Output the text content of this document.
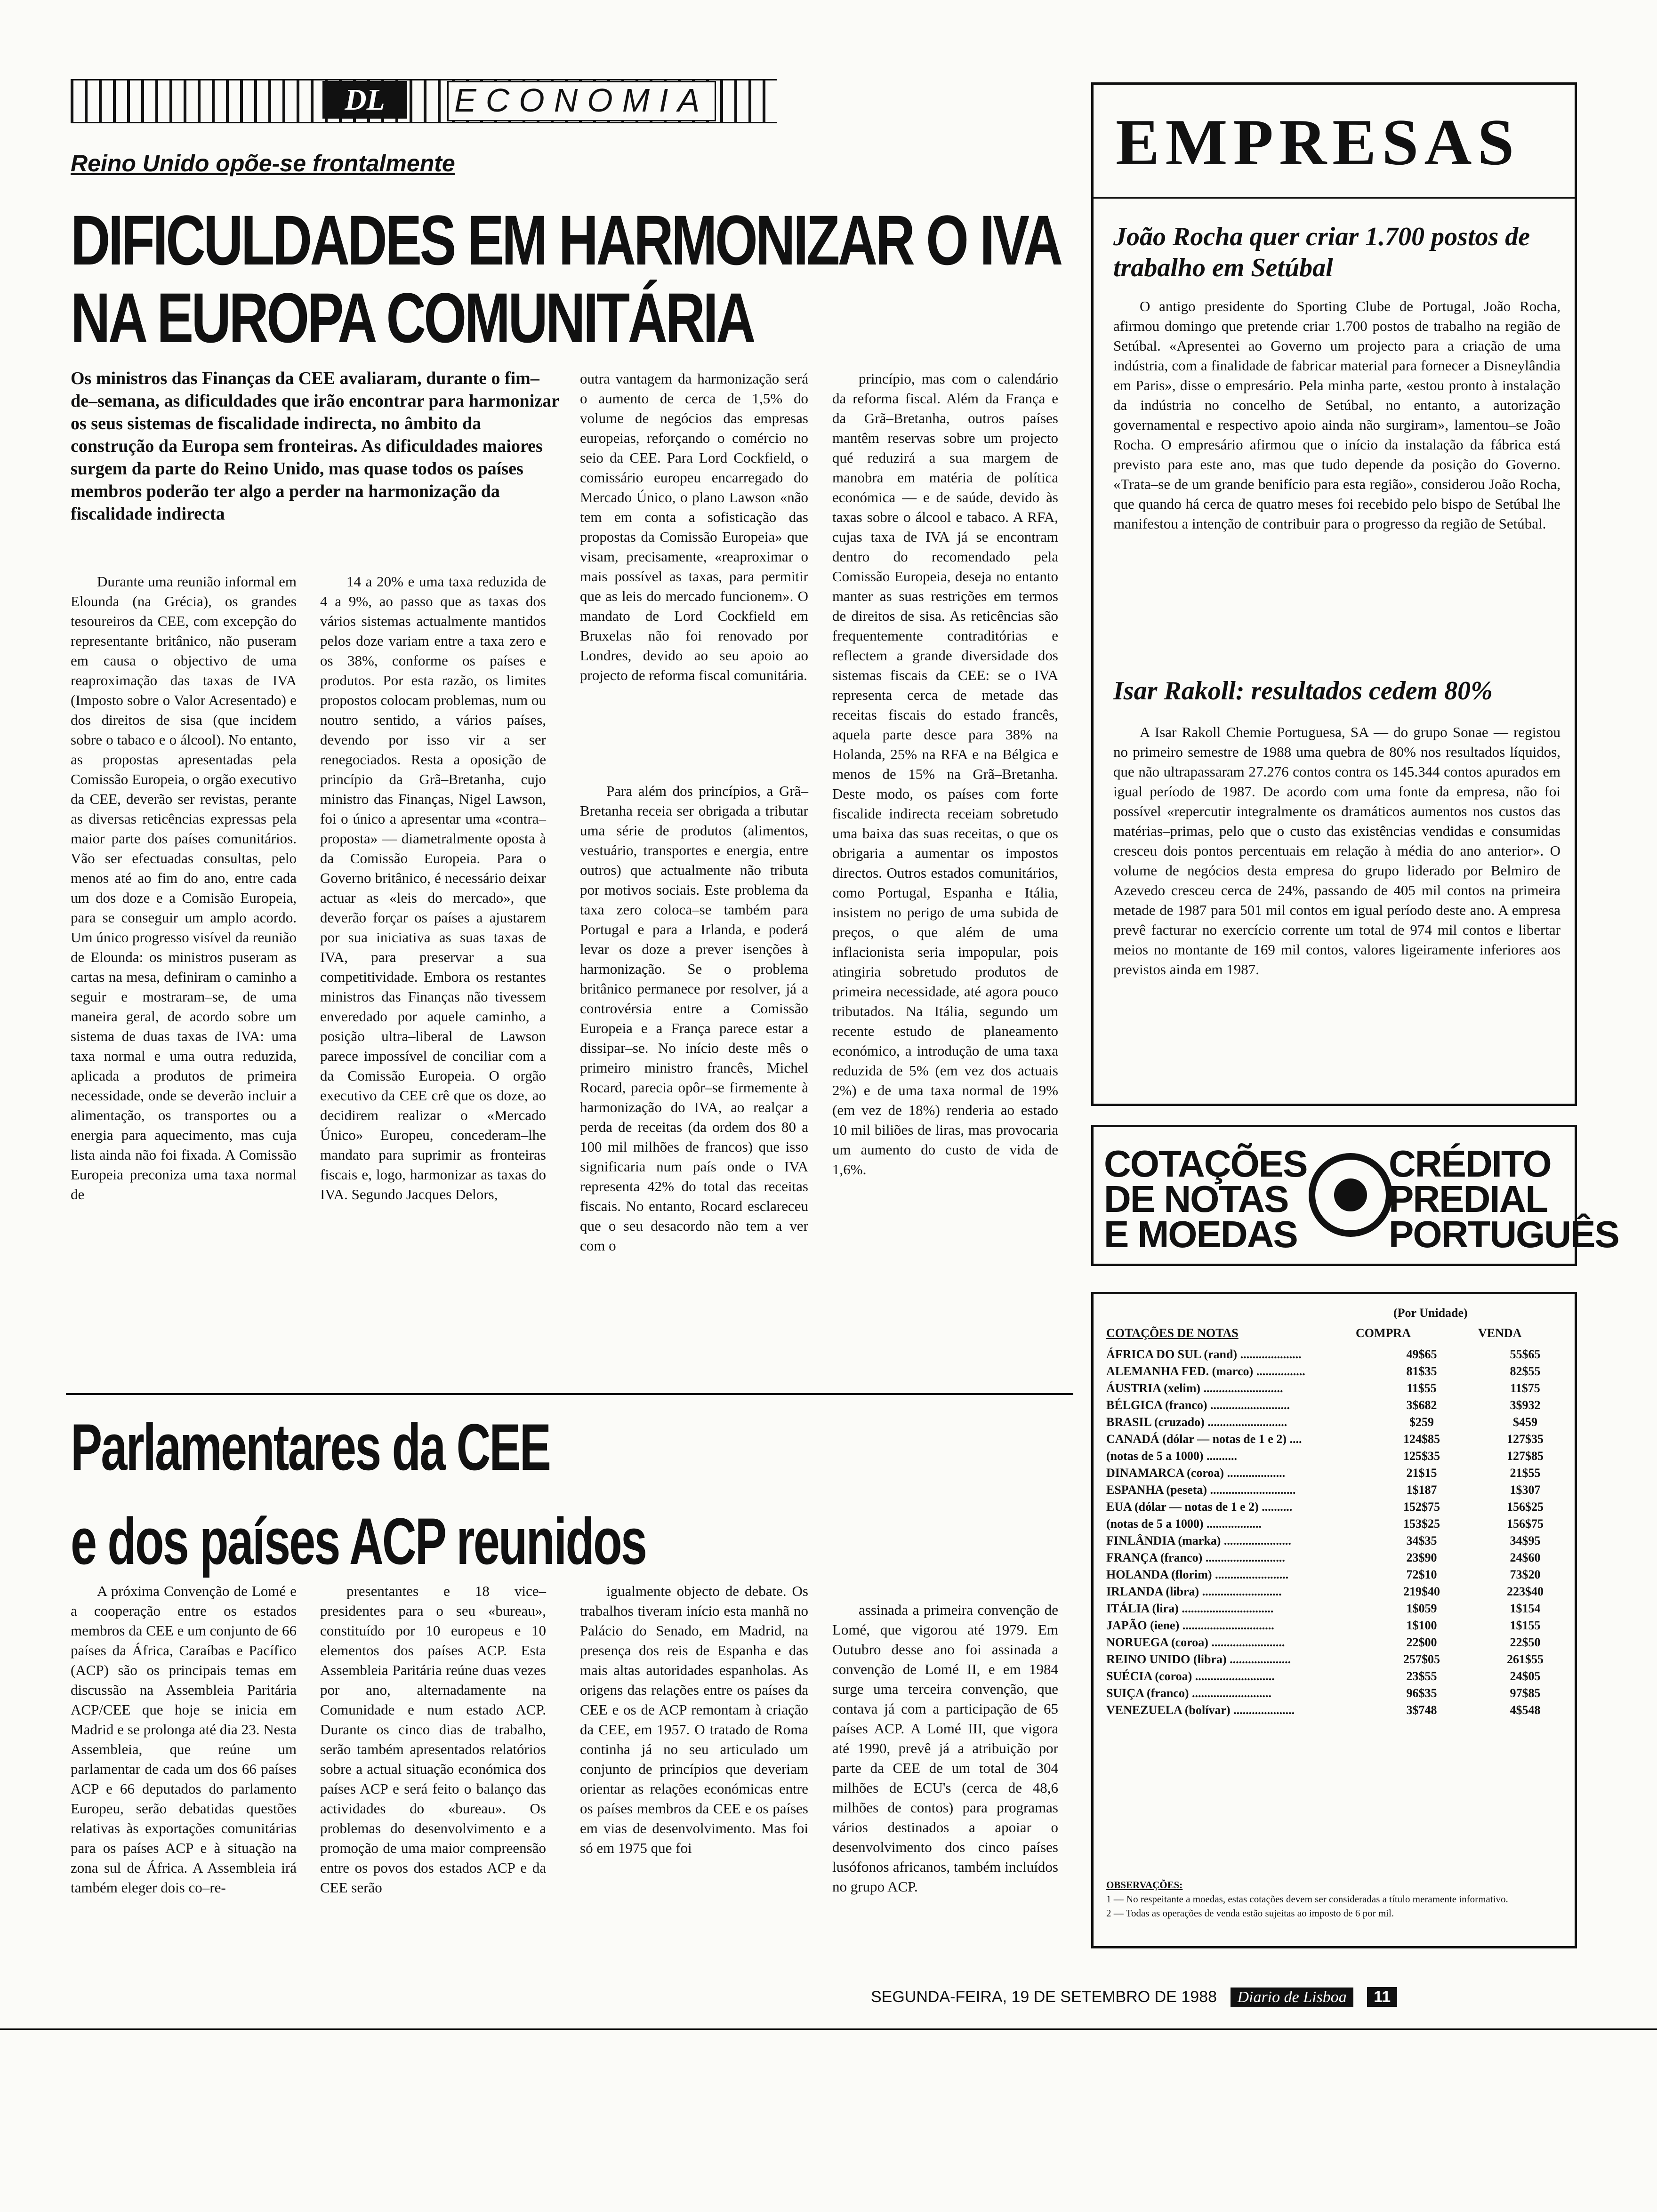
DL	ECONOMIA
Reino Unido opõe-se frontalmente
DIFICULDADES EM HARMONIZAR O IVA
NA EUROPA COMUNITÁRIA
Os ministros das Finanças da CEE avaliaram, durante o fim–de–semana, as dificuldades que irão encontrar para harmonizar os seus sistemas de fiscalidade indirecta, no âmbito da construção da Europa sem fronteiras. As dificuldades maiores surgem da parte do Reino Unido, mas quase todos os países membros poderão ter algo a perder na harmonização da fiscalidade indirecta
outra vantagem da harmonização será o aumento de cerca de 1,5% do volume de negócios das empresas europeias, reforçando o comércio no seio da CEE. Para Lord Cockfield, o comissário europeu encarregado do Mercado Único, o plano Lawson «não tem em conta a sofisticação das propostas da Comissão Europeia» que visam, precisamente, «reaproximar o mais possível as taxas, para permitir que as leis do mercado funcionem». O mandato de Lord Cockfield em Bruxelas não foi renovado por Londres, devido ao seu apoio ao projecto de reforma fiscal comunitária.

Durante uma reunião informal em Elounda (na Grécia), os grandes tesoureiros da CEE, com excepção do representante britânico, não puseram em causa o objectivo de uma reaproximação das taxas de IVA (Imposto sobre o Valor Acresentado) e dos direitos de sisa (que incidem sobre o tabaco e o álcool). No entanto, as propostas apresentadas pela Comissão Europeia, o orgão executivo da CEE, deverão ser revistas, perante as diversas reticências expressas pela maior parte dos países comunitários. Vão ser efectuadas consultas, pelo menos até ao fim do ano, entre cada um dos doze e a Comisão Europeia, para se conseguir um amplo acordo. Um único progresso visível da reunião de Elounda: os ministros puseram as cartas na mesa, definiram o caminho a seguir e mostraram–se, de uma maneira geral, de acordo sobre um sistema de duas taxas de IVA: uma taxa normal e uma outra reduzida, aplicada a produtos de primeira necessidade, onde se deverão incluir a alimentação, os transportes ou a energia para aquecimento, mas cuja lista ainda não foi fixada. A Comissão Europeia preconiza uma taxa normal de

14 a 20% e uma taxa reduzida de 4 a 9%, ao passo que as taxas dos vários sistemas actualmente mantidos pelos doze variam entre a taxa zero e os 38%, conforme os países e produtos. Por esta razão, os limites propostos colocam problemas, num ou noutro sentido, a vários países, devendo por isso vir a ser renegociados. Resta a oposição de princípio da Grã–Bretanha, cujo ministro das Finanças, Nigel Lawson, foi o único a apresentar uma «contra–proposta» — diametralmente oposta à da Comissão Europeia. Para o Governo britânico, é necessário deixar actuar as «leis do mercado», que deverão forçar os países a ajustarem por sua iniciativa as suas taxas de IVA, para preservar a sua competitividade. Embora os restantes ministros das Finanças não tivessem enveredado por aquele caminho, a posição ultra–liberal de Lawson parece impossível de conciliar com a da Comissão Europeia. O orgão executivo da CEE crê que os doze, ao decidirem realizar o «Mercado Único» Europeu, concederam–lhe mandato para suprimir as fronteiras fiscais e, logo, harmonizar as taxas do IVA. Segundo Jacques Delors,

Para além dos princípios, a Grã–Bretanha receia ser obrigada a tributar uma série de produtos (alimentos, vestuário, transportes e energia, entre outros) que actualmente não tributa por motivos sociais. Este problema da taxa zero coloca–se também para Portugal e para a Irlanda, e poderá levar os doze a prever isenções à harmonização. Se o problema britânico permanece por resolver, já a controvérsia entre a Comissão Europeia e a França parece estar a dissipar–se. No início deste mês o primeiro ministro francês, Michel Rocard, parecia opôr–se firmemente à harmonização do IVA, ao realçar a perda de receitas (da ordem dos 80 a 100 mil milhões de francos) que isso significaria num país onde o IVA representa 42% do total das receitas fiscais. No entanto, Rocard esclareceu que o seu desacordo não tem a ver com o

princípio, mas com o calendário da reforma fiscal. Além da França e da Grã–Bretanha, outros países mantêm reservas sobre um projecto qué reduzirá a sua margem de manobra em matéria de política económica — e de saúde, devido às taxas sobre o álcool e tabaco. A RFA, cujas taxa de IVA já se encontram dentro do recomendado pela Comissão Europeia, deseja no entanto manter as suas restrições em termos de direitos de sisa. As reticências são frequentemente contraditórias e reflectem a grande diversidade dos sistemas fiscais da CEE: se o IVA representa cerca de metade das receitas fiscais do estado francês, aquela parte desce para 38% na Holanda, 25% na RFA e na Bélgica e menos de 15% na Grã–Bretanha. Deste modo, os países com forte fiscalide indirecta receiam sobretudo uma baixa das suas receitas, o que os obrigaria a aumentar os impostos directos. Outros estados comunitários, como Portugal, Espanha e Itália, insistem no perigo de uma subida de preços, o que além de uma inflacionista seria impopular, pois atingiria sobretudo produtos de primeira necessidade, até agora pouco tributados. Na Itália, segundo um recente estudo de planeamento económico, a introdução de uma taxa reduzida de 5% (em vez dos actuais 2%) e de uma taxa normal de 19% (em vez de 18%) renderia ao estado 10 mil biliões de liras, mas provocaria um aumento do custo de vida de 1,6%.

Parlamentares da CEE
e dos países ACP reunidos

A próxima Convenção de Lomé e a cooperação entre os estados membros da CEE e um conjunto de 66 países da África, Caraíbas e Pacífico (ACP) são os principais temas em discussão na Assembleia Paritária ACP/CEE que hoje se inicia em Madrid e se prolonga até dia 23. Nesta Assembleia, que reúne um parlamentar de cada um dos 66 países ACP e 66 deputados do parlamento Europeu, serão debatidas questões relativas às exportações comunitárias para os países ACP e à situação na zona sul de África. A Assembleia irá também eleger dois co–re-

presentantes e 18 vice–presidentes para o seu «bureau», constituído por 10 europeus e 10 elementos dos países ACP. Esta Assembleia Paritária reúne duas vezes por ano, alternadamente na Comunidade e num estado ACP. Durante os cinco dias de trabalho, serão também apresentados relatórios sobre a actual situação económica dos países ACP e será feito o balanço das actividades do «bureau». Os problemas do desenvolvimento e a promoção de uma maior compreensão entre os povos dos estados ACP e da CEE serão

igualmente objecto de debate. Os trabalhos tiveram início esta manhã no Palácio do Senado, em Madrid, na presença dos reis de Espanha e das mais altas autoridades espanholas. As origens das relações entre os países da CEE e os de ACP remontam à criação da CEE, em 1957. O tratado de Roma continha já no seu articulado um conjunto de princípios que deveriam orientar as relações económicas entre os países membros da CEE e os países em vias de desenvolvimento. Mas foi só em 1975 que foi

assinada a primeira convenção de Lomé, que vigorou até 1979. Em Outubro desse ano foi assinada a convenção de Lomé II, e em 1984 surge uma terceira convenção, que contava já com a participação de 65 países ACP. A Lomé III, que vigora até 1990, prevê já a atribuição por parte da CEE de um total de 304 milhões de ECU's (cerca de 48,6 milhões de contos) para programas vários destinados a apoiar o desenvolvimento dos cinco países lusófonos africanos, também incluídos no grupo ACP.

EMPRESAS
João Rocha quer criar 1.700 postos de trabalho em Setúbal

O antigo presidente do Sporting Clube de Portugal, João Rocha, afirmou domingo que pretende criar 1.700 postos de trabalho na região de Setúbal. «Apresentei ao Governo um projecto para a criação de uma indústria, com a finalidade de fabricar material para fornecer a Disneylândia em Paris», disse o empresário. Pela minha parte, «estou pronto à instalação da indústria no concelho de Setúbal, no entanto, a autorização governamental e respectivo apoio ainda não surgiram», lamentou–se João Rocha. O empresário afirmou que o início da instalação da fábrica está previsto para este ano, mas que tudo depende da posição do Governo. «Trata–se de um grande benifício para esta região», considerou João Rocha, que quando há cerca de quatro meses foi recebido pelo bispo de Setúbal lhe manifestou a intenção de contribuir para o progresso da região de Setúbal.

Isar Rakoll: resultados cedem 80%

A Isar Rakoll Chemie Portuguesa, SA — do grupo Sonae — registou no primeiro semestre de 1988 uma quebra de 80% nos resultados líquidos, que não ultrapassaram 27.276 contos contra os 145.344 contos apurados em igual período de 1987. De acordo com uma fonte da empresa, não foi possível «repercutir integralmente os dramáticos aumentos nos custos das matérias–primas, pelo que o custo das existências vendidas e consumidas cresceu dois pontos percentuais em relação à média do ano anterior». O volume de negócios desta empresa do grupo liderado por Belmiro de Azevedo cresceu cerca de 24%, passando de 405 mil contos na primeira metade de 1987 para 501 mil contos em igual período deste ano. A empresa prevê facturar no exercício corrente um total de 974 mil contos e libertar meios no montante de 169 mil contos, valores ligeiramente inferiores aos previstos ainda em 1987.

COTAÇÕES
DE NOTAS
E MOEDAS
CRÉDITO
PREDIAL
PORTUGUÊS
(Por Unidade)
COTAÇÕES DE NOTAS	COMPRA	VENDA
ÁFRICA DO SUL (rand) ....................	49$65	55$65
ALEMANHA FED. (marco) ................	81$35	82$55
ÁUSTRIA (xelim) ..........................	11$55	11$75
BÉLGICA (franco) ..........................	3$682	3$932
BRASIL (cruzado) ..........................	$259	$459
CANADÁ (dólar — notas de 1 e 2) ....	124$85	127$35
(notas de 5 a 1000) ..........	125$35	127$85
DINAMARCA (coroa) ...................	21$15	21$55
ESPANHA (peseta) ............................	1$187	1$307
EUA (dólar — notas de 1 e 2) ..........	152$75	156$25
(notas de 5 a 1000) ..................	153$25	156$75
FINLÂNDIA (marka) ......................	34$35	34$95
FRANÇA (franco) ..........................	23$90	24$60
HOLANDA (florim) ........................	72$10	73$20
IRLANDA (libra) ..........................	219$40	223$40
ITÁLIA (lira) ..............................	1$059	1$154
JAPÃO (iene) ..............................	1$100	1$155
NORUEGA (coroa) ........................	22$00	22$50
REINO UNIDO (libra) ....................	257$05	261$55
SUÉCIA (coroa) ..........................	23$55	24$05
SUIÇA (franco) ..........................	96$35	97$85
VENEZUELA (bolívar) ....................	3$748	4$548
OBSERVAÇÕES:
1 — No respeitante a moedas, estas cotações devem ser consideradas a título meramente informativo.
2 — Todas as operações de venda estão sujeitas ao imposto de 6 por mil.
SEGUNDA-FEIRA, 19 DE SETEMBRO DE 1988 Diario de Lisboa 11
